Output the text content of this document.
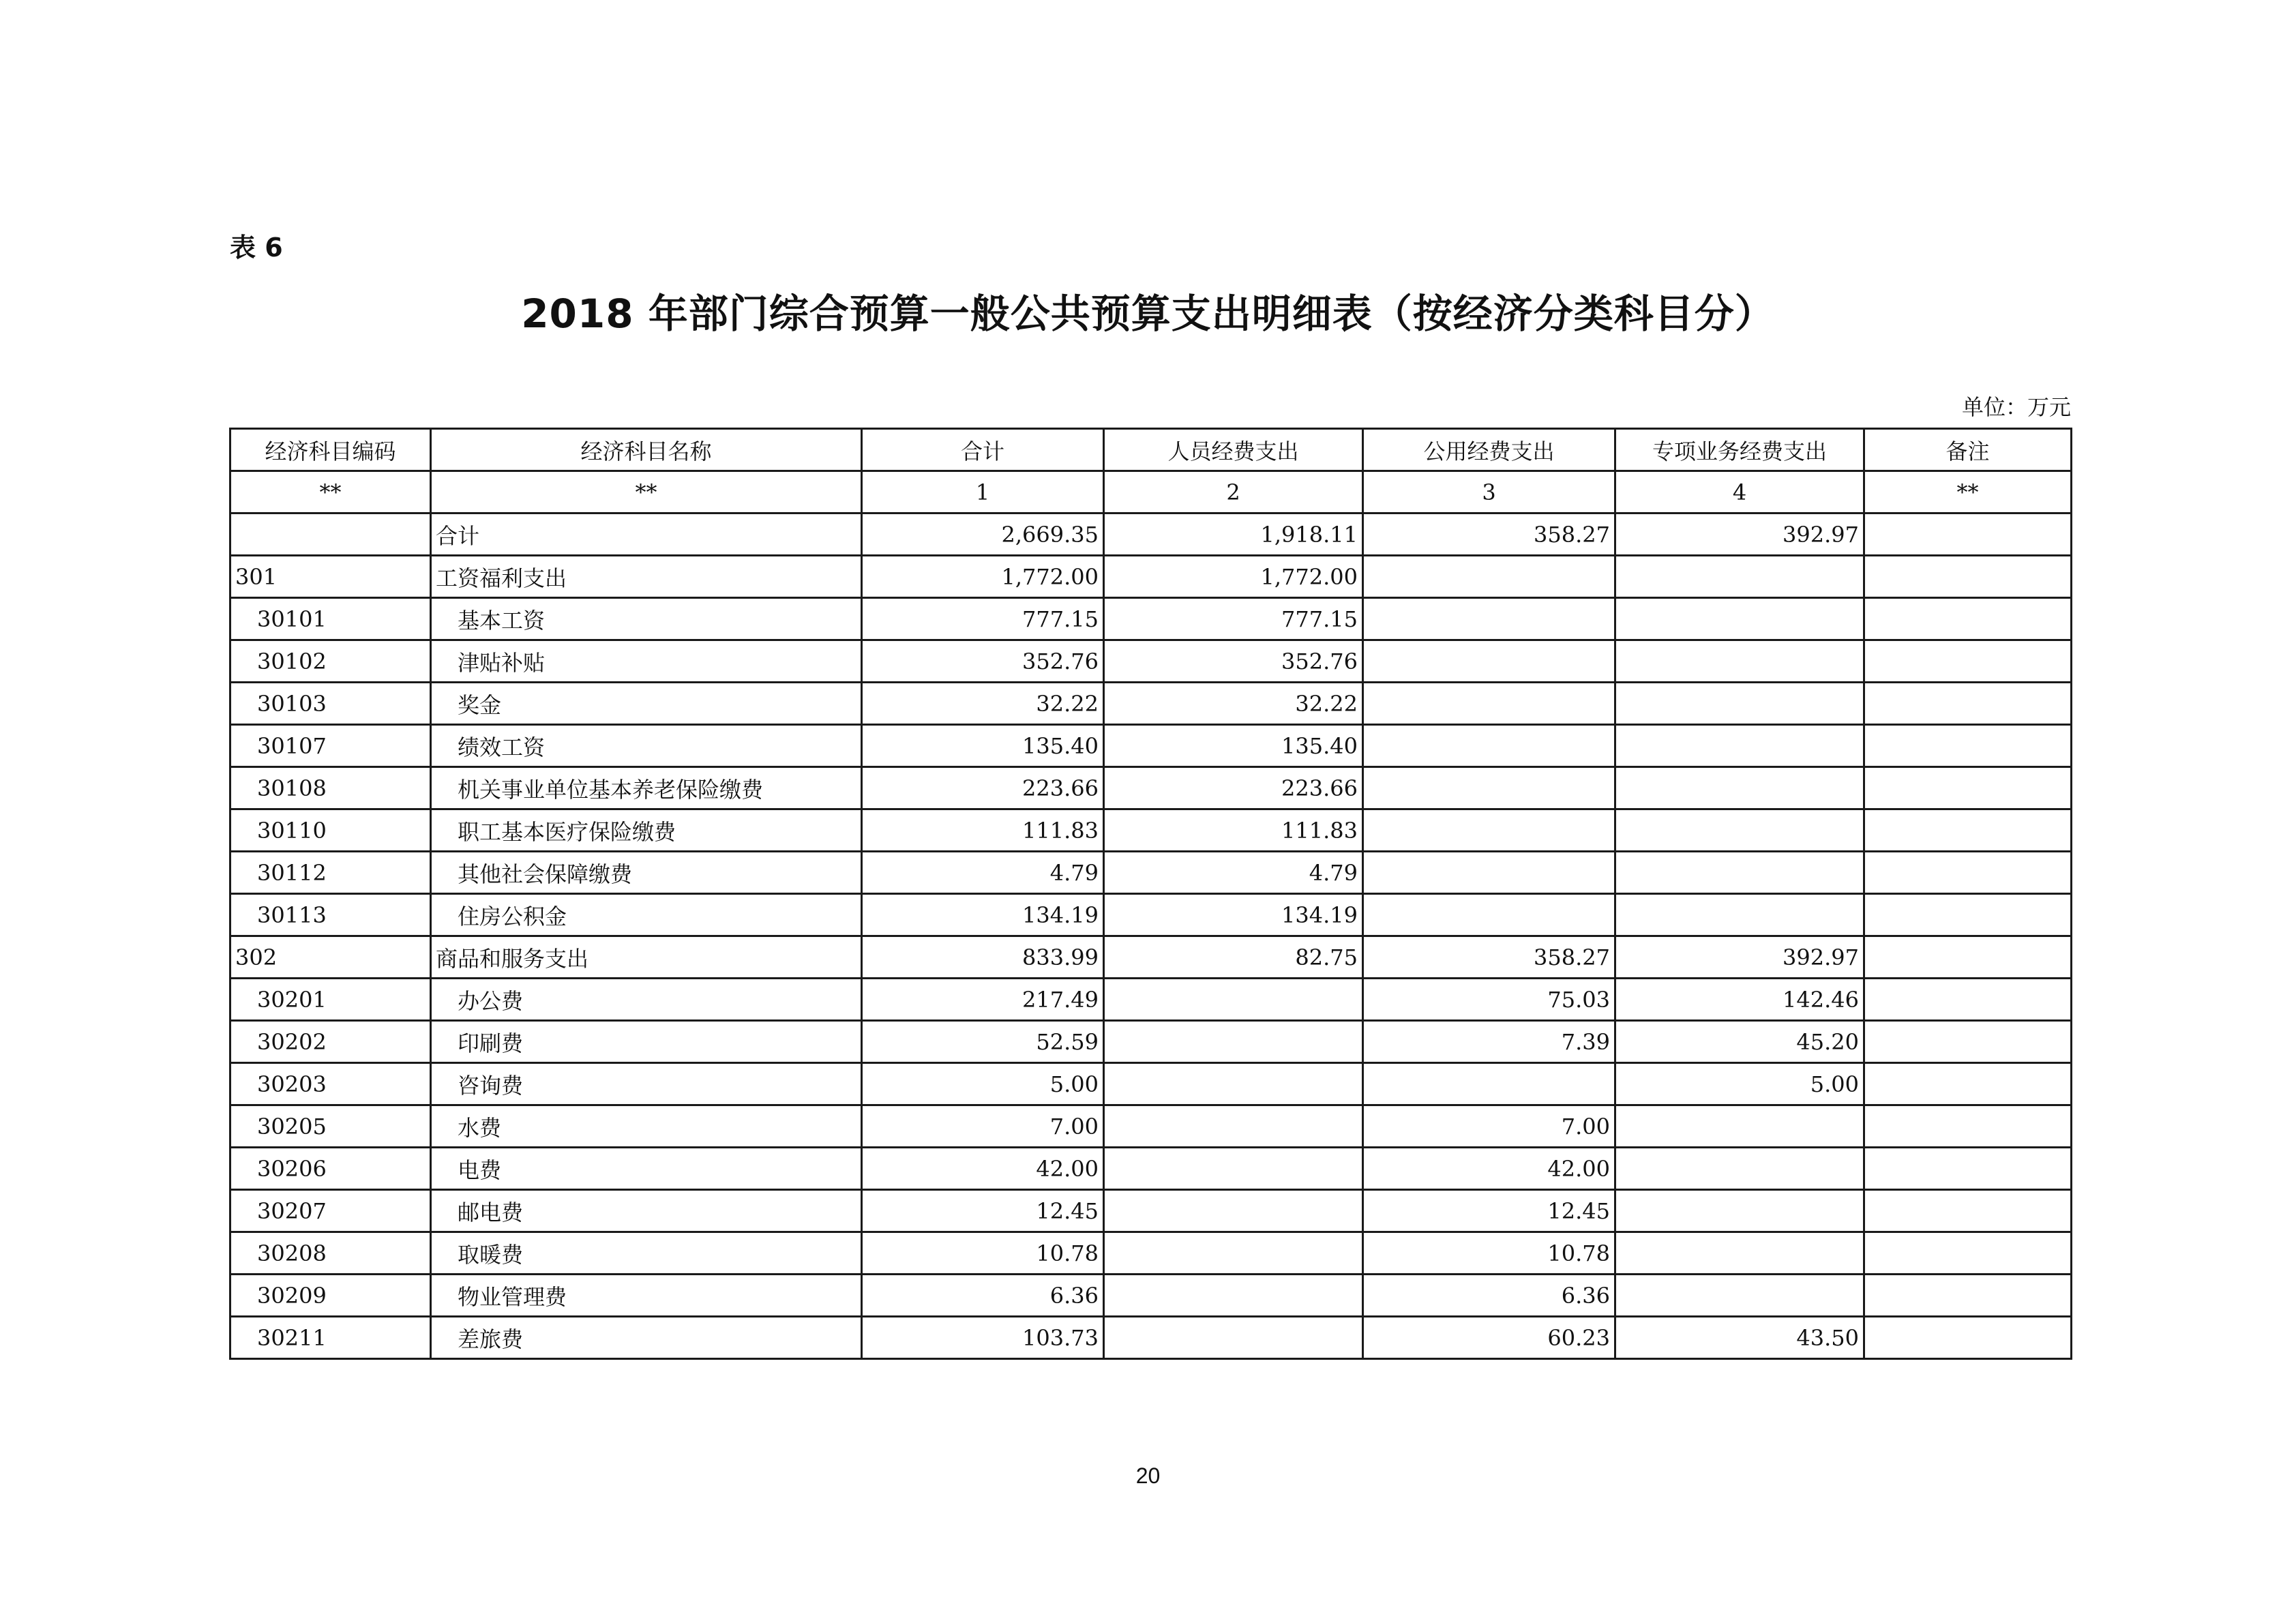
表 6
2018 年部门综合预算一般公共预算支出明细表（按经济分类科目分）
单位：万元
经济科目编码	经济科目名称	合计	人员经费支出	公用经费支出	专项业务经费支出	备注
**	**	1	2	3	4	**
	合计	2,669.35	1,918.11	358.27	392.97	
301	工资福利支出	1,772.00	1,772.00			
30101	基本工资	777.15	777.15			
30102	津贴补贴	352.76	352.76			
30103	奖金	32.22	32.22			
30107	绩效工资	135.40	135.40			
30108	机关事业单位基本养老保险缴费	223.66	223.66			
30110	职工基本医疗保险缴费	111.83	111.83			
30112	其他社会保障缴费	4.79	4.79			
30113	住房公积金	134.19	134.19			
302	商品和服务支出	833.99	82.75	358.27	392.97	
30201	办公费	217.49		75.03	142.46	
30202	印刷费	52.59		7.39	45.20	
30203	咨询费	5.00			5.00	
30205	水费	7.00		7.00		
30206	电费	42.00		42.00		
30207	邮电费	12.45		12.45		
30208	取暖费	10.78		10.78		
30209	物业管理费	6.36		6.36		
30211	差旅费	103.73		60.23	43.50	
20
